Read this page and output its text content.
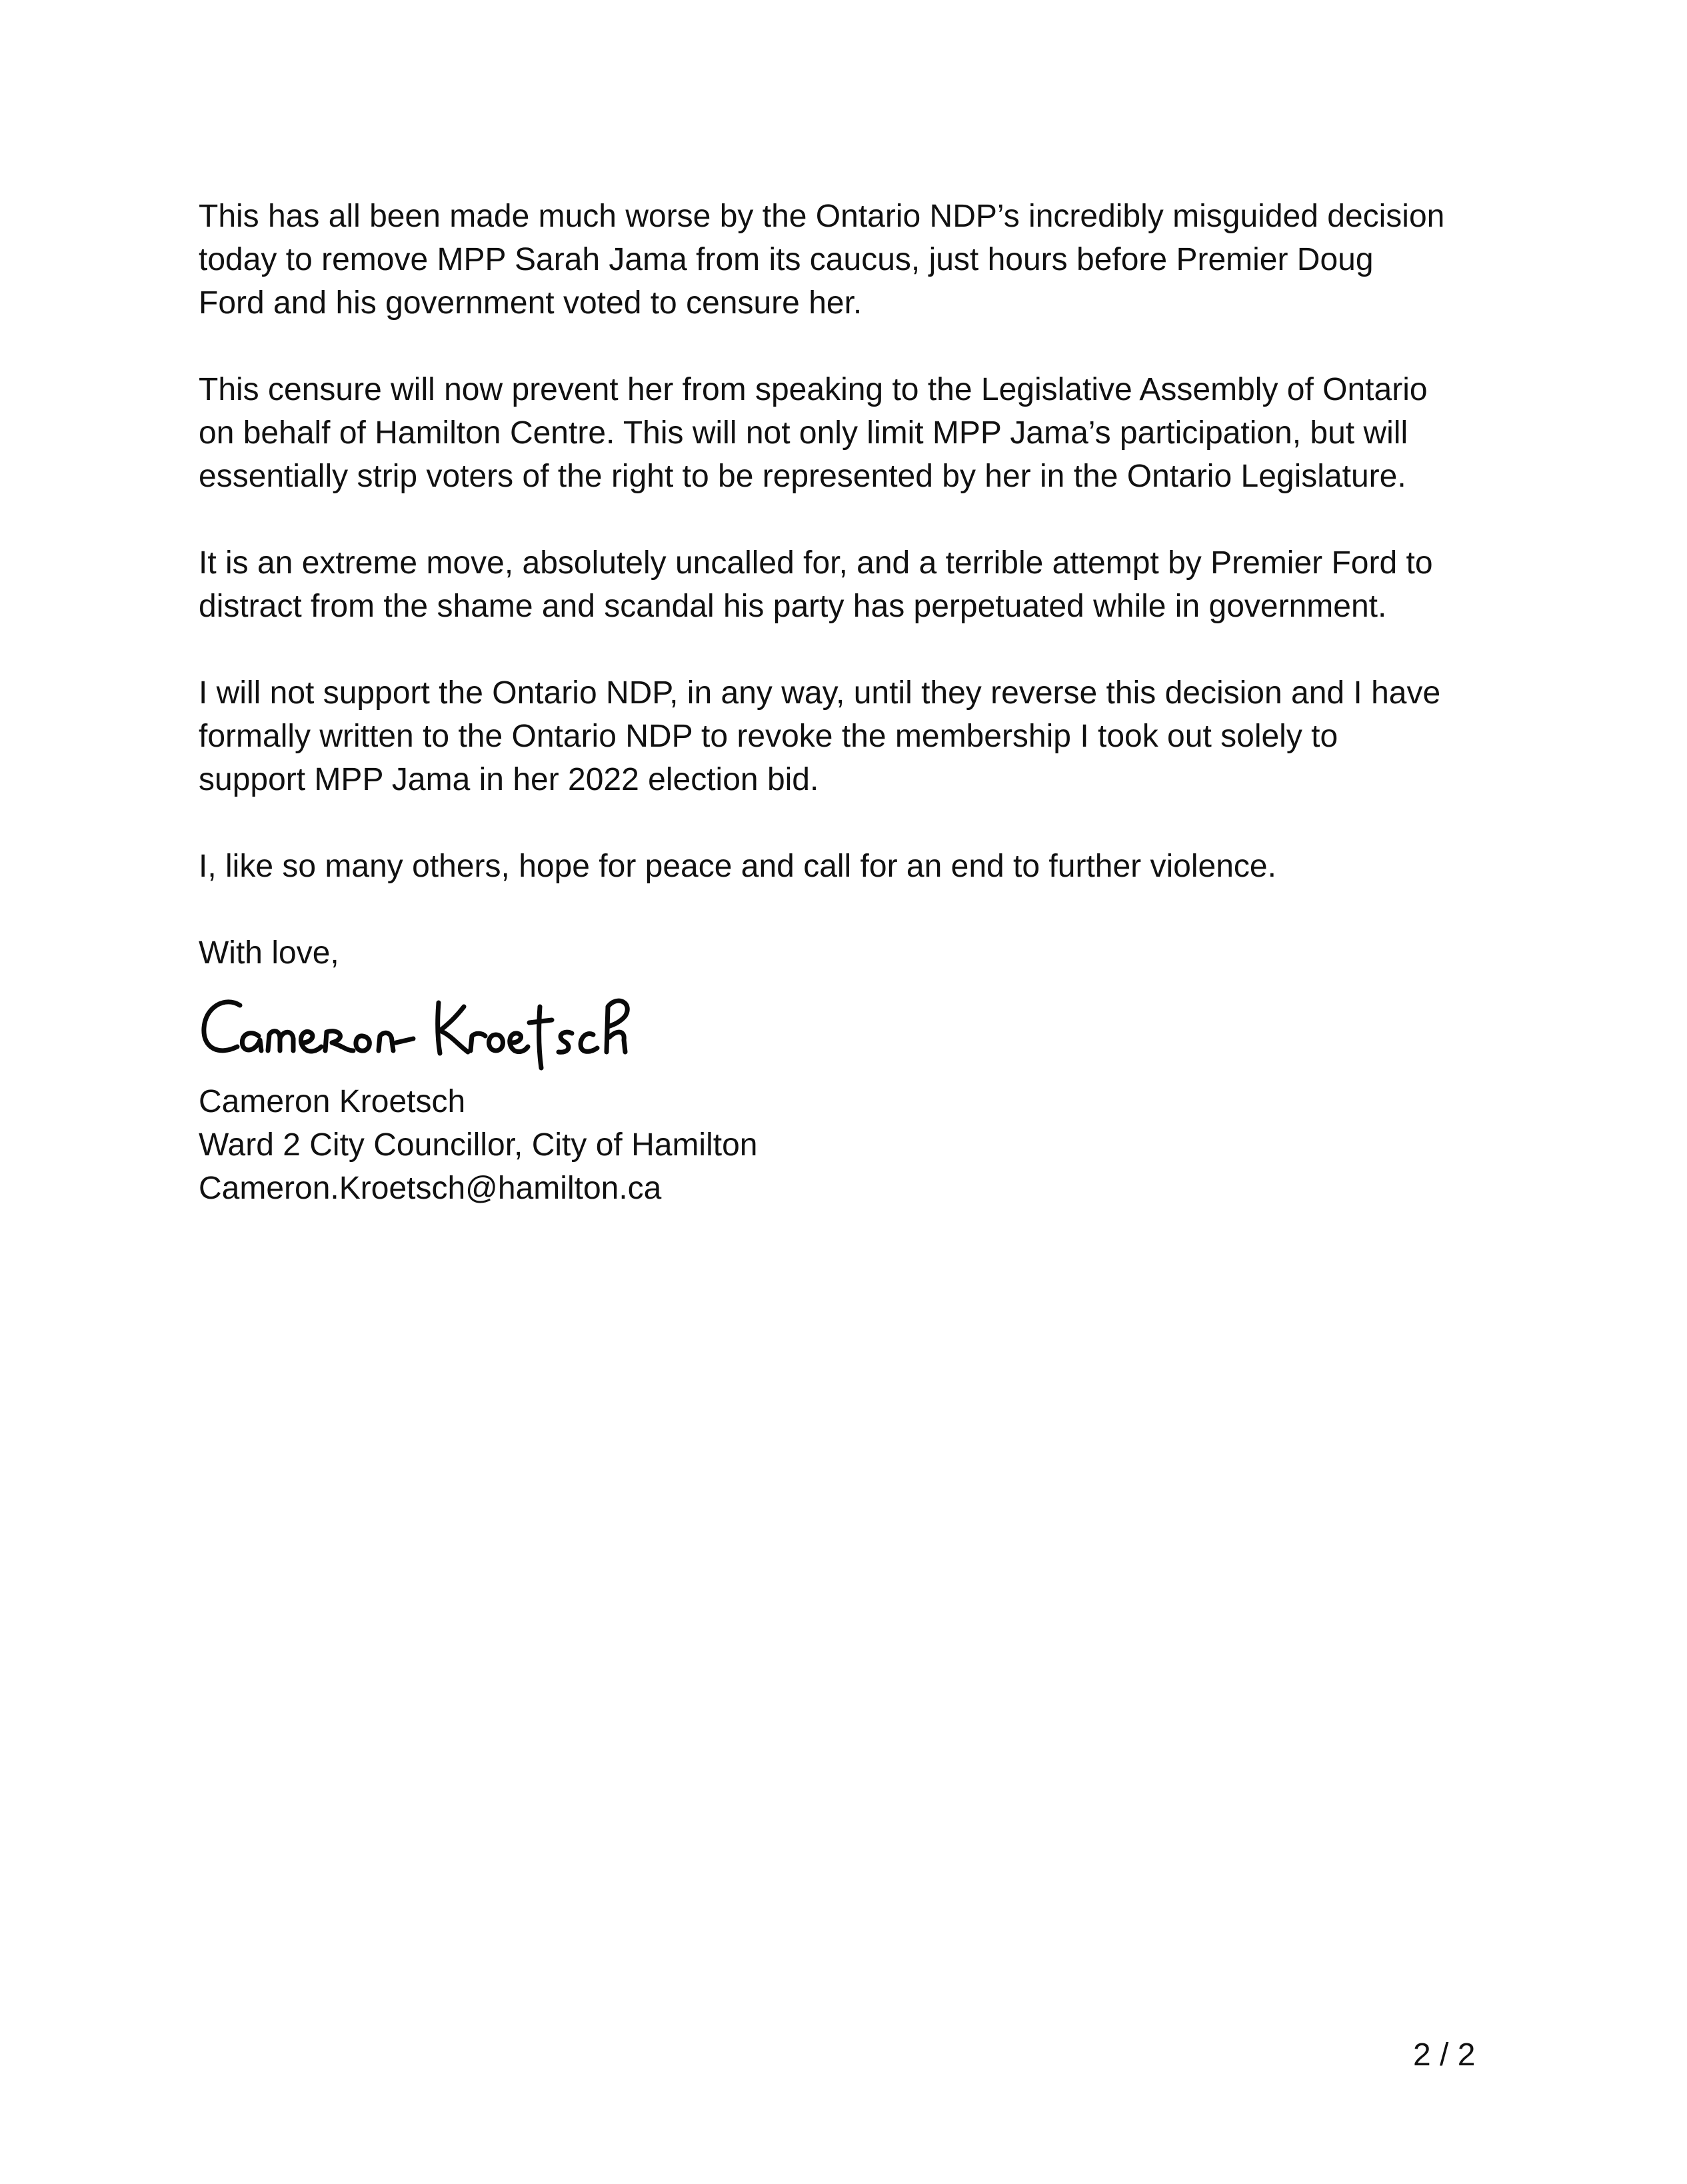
This has all been made much worse by the Ontario NDP’s incredibly misguided decision
today to remove MPP Sarah Jama from its caucus, just hours before Premier Doug
Ford and his government voted to censure her.

This censure will now prevent her from speaking to the Legislative Assembly of Ontario
on behalf of Hamilton Centre. This will not only limit MPP Jama’s participation, but will
essentially strip voters of the right to be represented by her in the Ontario Legislature.

It is an extreme move, absolutely uncalled for, and a terrible attempt by Premier Ford to
distract from the shame and scandal his party has perpetuated while in government.

I will not support the Ontario NDP, in any way, until they reverse this decision and I have
formally written to the Ontario NDP to revoke the membership I took out solely to
support MPP Jama in her 2022 election bid.

I, like so many others, hope for peace and call for an end to further violence.

With love,

Cameron Kroetsch

Ward 2 City Councillor, City of Hamilton

Cameron.Kroetsch@hamilton.ca

2 / 2
